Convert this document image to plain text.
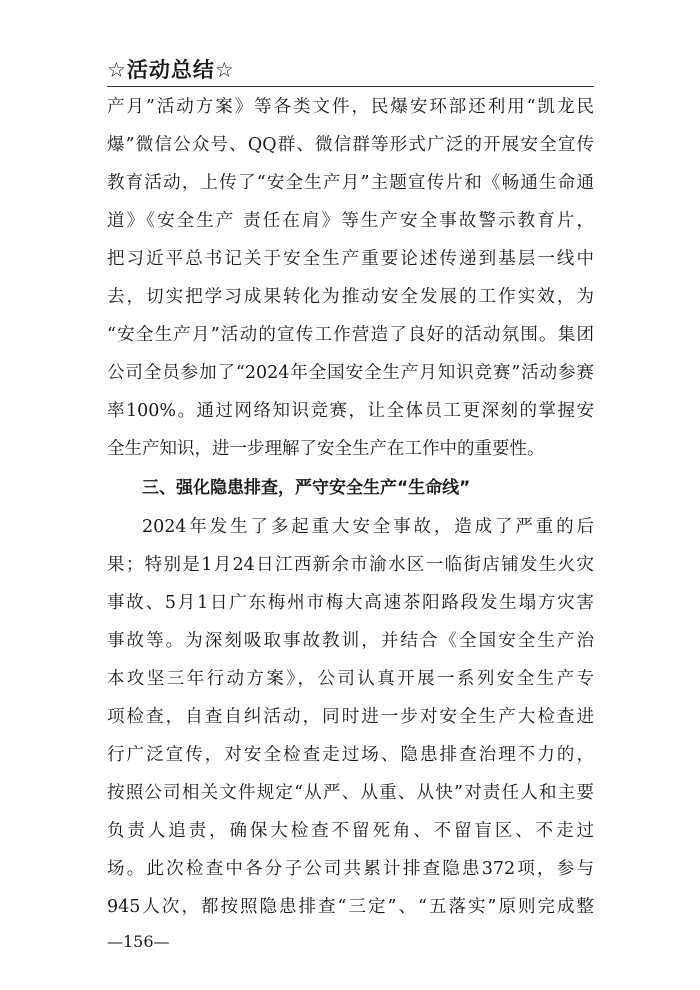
☆活动总结☆
产月”活动方案》等各类文件，民爆安环部还利用“凯龙民
爆”微信公众号、QQ群、微信群等形式广泛的开展安全宣传
教育活动，上传了“安全生产月”主题宣传片和《畅通生命通
道》《安全生产 责任在肩》等生产安全事故警示教育片，
把习近平总书记关于安全生产重要论述传递到基层一线中
去，切实把学习成果转化为推动安全发展的工作实效，为
“安全生产月”活动的宣传工作营造了良好的活动氛围。集团
公司全员参加了“2024年全国安全生产月知识竞赛”活动参赛
率100%。通过网络知识竞赛，让全体员工更深刻的掌握安
全生产知识，进一步理解了安全生产在工作中的重要性。
三、强化隐患排查，严守安全生产“生命线”
2024年发生了多起重大安全事故，造成了严重的后
果；特别是1月24日江西新余市渝水区一临街店铺发生火灾
事故、5月1日广东梅州市梅大高速茶阳路段发生塌方灾害
事故等。为深刻吸取事故教训，并结合《全国安全生产治
本攻坚三年行动方案》，公司认真开展一系列安全生产专
项检查，自查自纠活动，同时进一步对安全生产大检查进
行广泛宣传，对安全检查走过场、隐患排查治理不力的，
按照公司相关文件规定“从严、从重、从快”对责任人和主要
负责人追责，确保大检查不留死角、不留盲区、不走过
场。此次检查中各分子公司共累计排查隐患372项，参与
945人次，都按照隐患排查“三定”、“五落实”原则完成整
—156—
